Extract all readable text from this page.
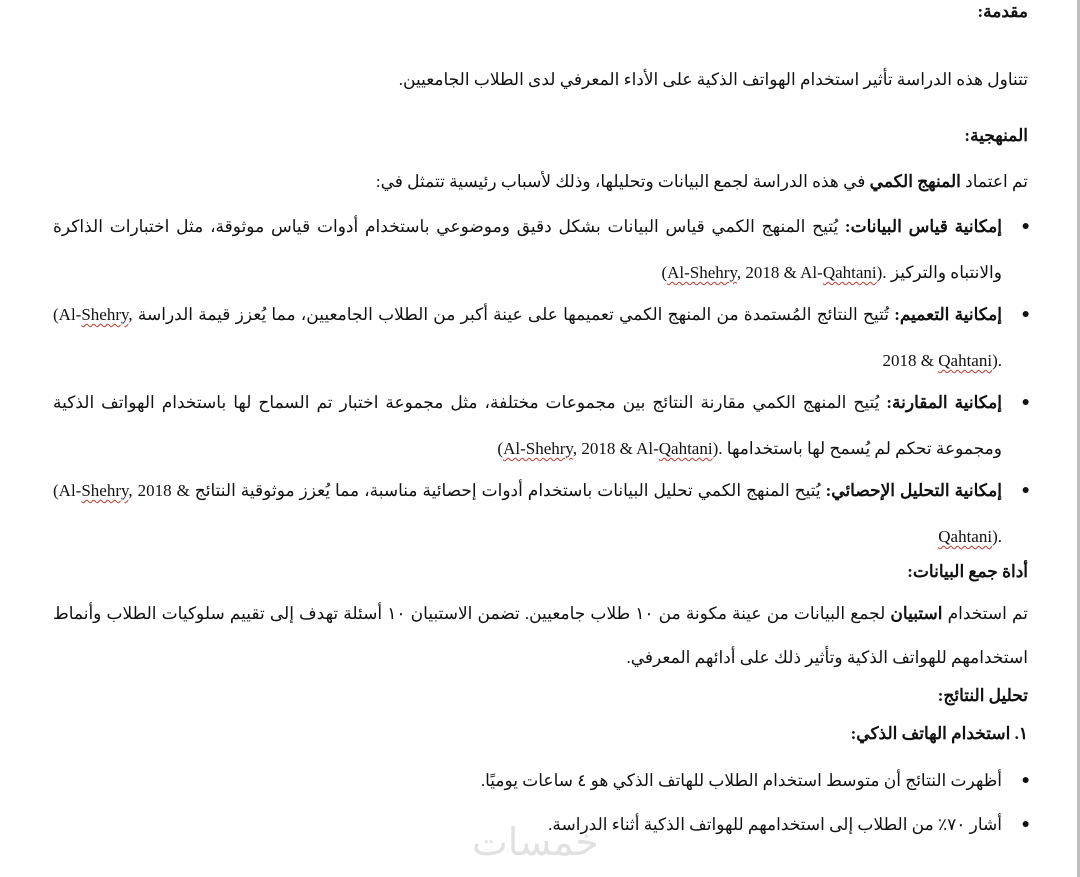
مقدمة:
تتناول هذه الدراسة تأثير استخدام الهواتف الذكية على الأداء المعرفي لدى الطلاب الجامعيين.
المنهجية:
تم اعتماد المنهج الكمي في هذه الدراسة لجمع البيانات وتحليلها، وذلك لأسباب رئيسية تتمثل في:
●
إمكانية قياس البيانات: يُتيح المنهج الكمي قياس البيانات بشكل دقيق وموضوعي باستخدام أدوات قياس موثوقة، مثل اختبارات الذاكرة والانتباه والتركيز (Al-Shehry, 2018 & Al-Qahtani).
●
إمكانية التعميم: تُتيح النتائج المُستمدة من المنهج الكمي تعميمها على عينة أكبر من الطلاب الجامعيين، مما يُعزز قيمة الدراسة (Al-Shehry, 2018 & Qahtani).
●
إمكانية المقارنة: يُتيح المنهج الكمي مقارنة النتائج بين مجموعات مختلفة، مثل مجموعة اختبار تم السماح لها باستخدام الهواتف الذكية ومجموعة تحكم لم يُسمح لها باستخدامها (Al-Shehry, 2018 & Al-Qahtani).
●
إمكانية التحليل الإحصائي: يُتيح المنهج الكمي تحليل البيانات باستخدام أدوات إحصائية مناسبة، مما يُعزز موثوقية النتائج (Al-Shehry, 2018 & Qahtani).
أداة جمع البيانات:
تم استخدام استبيان لجمع البيانات من عينة مكونة من ١٠ طلاب جامعيين. تضمن الاستبيان ١٠ أسئلة تهدف إلى تقييم سلوكيات الطلاب وأنماط استخدامهم للهواتف الذكية وتأثير ذلك على أدائهم المعرفي.
تحليل النتائج:
١. استخدام الهاتف الذكي:
●
أظهرت النتائج أن متوسط استخدام الطلاب للهاتف الذكي هو ٤ ساعات يوميًا.
●
أشار ٧٠٪ من الطلاب إلى استخدامهم للهواتف الذكية أثناء الدراسة.
خمسات
